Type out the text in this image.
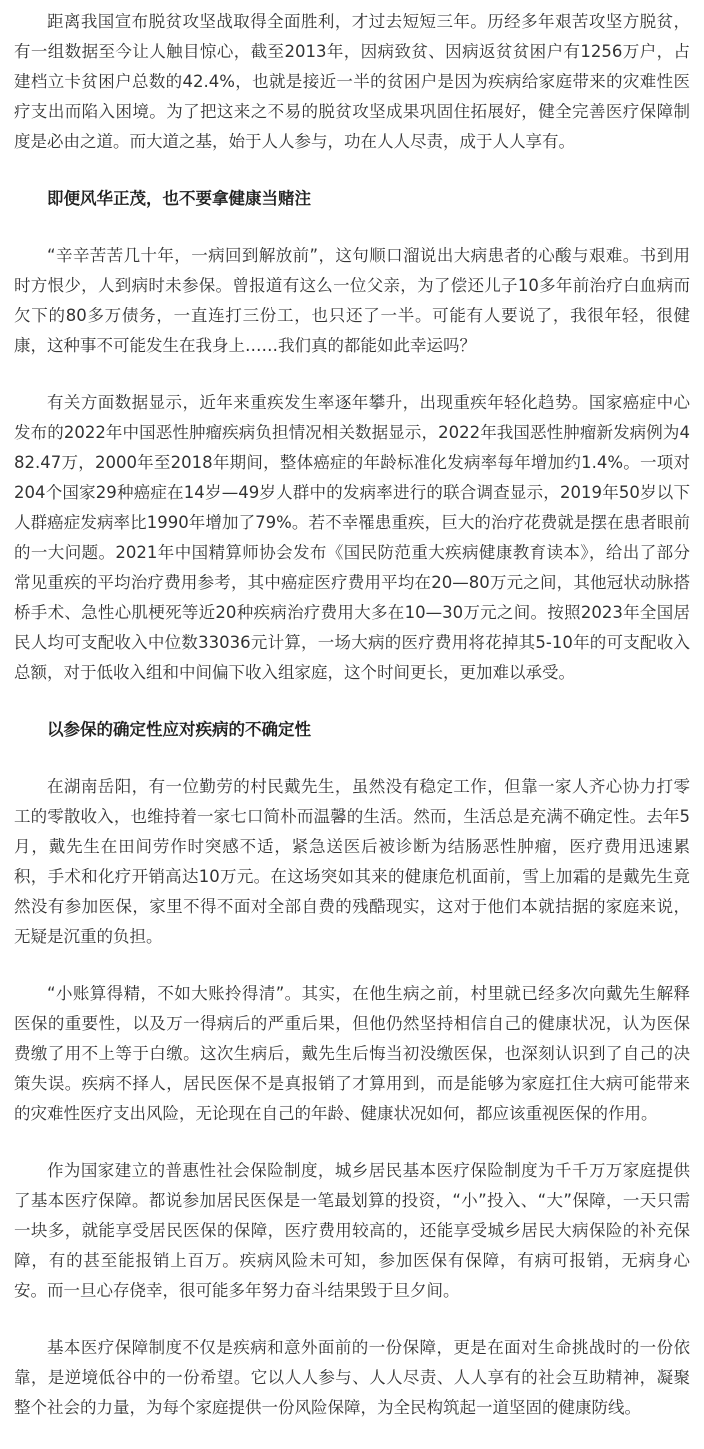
距离我国宣布脱贫攻坚战取得全面胜利，才过去短短三年。历经多年艰苦攻坚方脱贫，有一组数据至今让人触目惊心，截至2013年，因病致贫、因病返贫贫困户有1256万户，占建档立卡贫困户总数的42.4%，也就是接近一半的贫困户是因为疾病给家庭带来的灾难性医疗支出而陷入困境。为了把这来之不易的脱贫攻坚成果巩固住拓展好，健全完善医疗保障制度是必由之道。而大道之基，始于人人参与，功在人人尽责，成于人人享有。

即便风华正茂，也不要拿健康当赌注

“辛辛苦苦几十年，一病回到解放前”，这句顺口溜说出大病患者的心酸与艰难。书到用时方恨少，人到病时未参保。曾报道有这么一位父亲，为了偿还儿子10多年前治疗白血病而欠下的80多万债务，一直连打三份工，也只还了一半。可能有人要说了，我很年轻，很健康，这种事不可能发生在我身上……我们真的都能如此幸运吗？

有关方面数据显示，近年来重疾发生率逐年攀升，出现重疾年轻化趋势。国家癌症中心发布的2022年中国恶性肿瘤疾病负担情况相关数据显示，2022年我国恶性肿瘤新发病例为482.47万，2000年至2018年期间，整体癌症的年龄标准化发病率每年增加约1.4%。一项对204个国家29种癌症在14岁—49岁人群中的发病率进行的联合调查显示，2019年50岁以下人群癌症发病率比1990年增加了79%。若不幸罹患重疾，巨大的治疗花费就是摆在患者眼前的一大问题。2021年中国精算师协会发布《国民防范重大疾病健康教育读本》，给出了部分常见重疾的平均治疗费用参考，其中癌症医疗费用平均在20—80万元之间，其他冠状动脉搭桥手术、急性心肌梗死等近20种疾病治疗费用大多在10—30万元之间。按照2023年全国居民人均可支配收入中位数33036元计算，一场大病的医疗费用将花掉其5-10年的可支配收入总额，对于低收入组和中间偏下收入组家庭，这个时间更长，更加难以承受。

以参保的确定性应对疾病的不确定性

在湖南岳阳，有一位勤劳的村民戴先生，虽然没有稳定工作，但靠一家人齐心协力打零工的零散收入，也维持着一家七口简朴而温馨的生活。然而，生活总是充满不确定性。去年5月，戴先生在田间劳作时突感不适，紧急送医后被诊断为结肠恶性肿瘤，医疗费用迅速累积，手术和化疗开销高达10万元。在这场突如其来的健康危机面前，雪上加霜的是戴先生竟然没有参加医保，家里不得不面对全部自费的残酷现实，这对于他们本就拮据的家庭来说，无疑是沉重的负担。

“小账算得精，不如大账拎得清”。其实，在他生病之前，村里就已经多次向戴先生解释医保的重要性，以及万一得病后的严重后果，但他仍然坚持相信自己的健康状况，认为医保费缴了用不上等于白缴。这次生病后，戴先生后悔当初没缴医保，也深刻认识到了自己的决策失误。疾病不择人，居民医保不是真报销了才算用到，而是能够为家庭扛住大病可能带来的灾难性医疗支出风险，无论现在自己的年龄、健康状况如何，都应该重视医保的作用。

作为国家建立的普惠性社会保险制度，城乡居民基本医疗保险制度为千千万万家庭提供了基本医疗保障。都说参加居民医保是一笔最划算的投资，“小”投入、“大”保障，一天只需一块多，就能享受居民医保的保障，医疗费用较高的，还能享受城乡居民大病保险的补充保障，有的甚至能报销上百万。疾病风险未可知，参加医保有保障，有病可报销，无病身心安。而一旦心存侥幸，很可能多年努力奋斗结果毁于旦夕间。

基本医疗保障制度不仅是疾病和意外面前的一份保障，更是在面对生命挑战时的一份依靠，是逆境低谷中的一份希望。它以人人参与、人人尽责、人人享有的社会互助精神，凝聚整个社会的力量，为每个家庭提供一份风险保障，为全民构筑起一道坚固的健康防线。
